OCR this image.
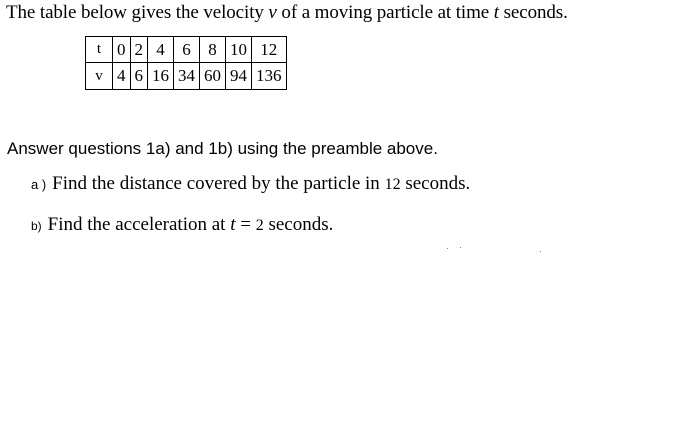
The table below gives the velocity v of a moving particle at time t seconds.
t	0	2	4	6	8	10	12
v	4	6	16	34	60	94	136
Answer questions 1a) and 1b) using the preamble above.
a ) Find the distance covered by the particle in 12 seconds.
b) Find the acceleration at t = 2 seconds.
